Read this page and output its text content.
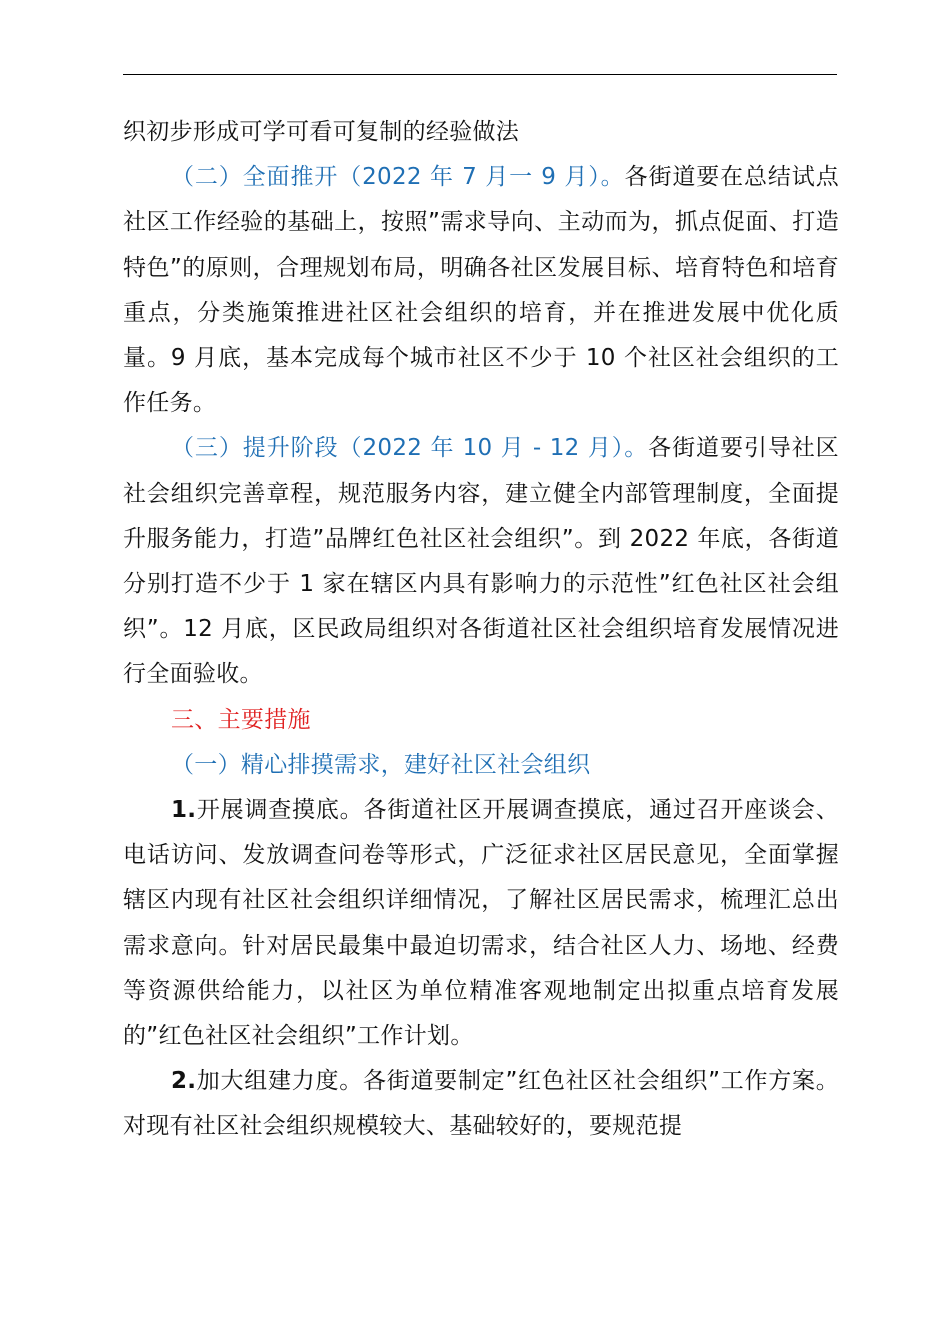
织初步形成可学可看可复制的经验做法

（二）全面推开（2022 年 7 月一 9 月）。各街道要在总结试点社区工作经验的基础上，按照”需求导向、主动而为，抓点促面、打造特色”的原则，合理规划布局，明确各社区发展目标、培育特色和培育重点，分类施策推进社区社会组织的培育，并在推进发展中优化质量。9 月底，基本完成每个城市社区不少于 10 个社区社会组织的工作任务。

（三）提升阶段（2022 年 10 月 - 12 月）。各街道要引导社区社会组织完善章程，规范服务内容，建立健全内部管理制度，全面提升服务能力，打造”品牌红色社区社会组织”。到 2022 年底，各街道分别打造不少于 1 家在辖区内具有影响力的示范性”红色社区社会组织”。12 月底，区民政局组织对各街道社区社会组织培育发展情况进行全面验收。

三、主要措施

（一）精心排摸需求，建好社区社会组织

1.开展调查摸底。各街道社区开展调查摸底，通过召开座谈会、电话访问、发放调查问卷等形式，广泛征求社区居民意见，全面掌握辖区内现有社区社会组织详细情况，了解社区居民需求，梳理汇总出需求意向。针对居民最集中最迫切需求，结合社区人力、场地、经费等资源供给能力，以社区为单位精准客观地制定出拟重点培育发展的”红色社区社会组织”工作计划。

2.加大组建力度。各街道要制定”红色社区社会组织”工作方案。对现有社区社会组织规模较大、基础较好的，要规范提
